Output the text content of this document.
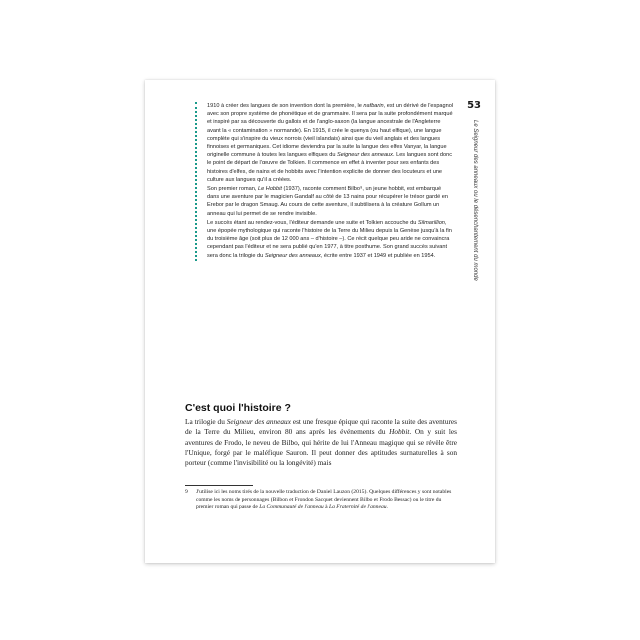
53
Le Seigneur des anneaux ou le désenchantement du monde

1910 à créer des langues de son invention dont la première, le nafbarin, est un dérivé de l'espagnol avec son propre système de phonétique et de grammaire. Il sera par la suite profondément marqué et inspiré par sa découverte du gallois et de l'anglo-saxon (la langue ancestrale de l'Angleterre avant la « contamination » normande). En 1915, il crée le quenya (ou haut elfique), une langue complète qui s'inspire du vieux norrois (vieil islandais) ainsi que du vieil anglais et des langues finnoises et germaniques. Cet idiome deviendra par la suite la langue des elfes Vanyar, la langue originelle commune à toutes les langues elfiques du Seigneur des anneaux. Les langues sont donc le point de départ de l'œuvre de Tolkien. Il commence en effet à inventer pour ses enfants des histoires d'elfes, de nains et de hobbits avec l'intention explicite de donner des locuteurs et une culture aux langues qu'il a créées.

Son premier roman, Le Hobbit (1937), raconte comment Bilbo⁹, un jeune hobbit, est embarqué dans une aventure par le magicien Gandalf au côté de 13 nains pour récupérer le trésor gardé en Erebor par le dragon Smaug. Au cours de cette aventure, il subtilisera à la créature Gollum un anneau qui lui permet de se rendre invisible.

Le succès étant au rendez-vous, l'éditeur demande une suite et Tolkien accouche du Silmarillion, une épopée mythologique qui raconte l'histoire de la Terre du Milieu depuis la Genèse jusqu'à la fin du troisième âge (soit plus de 12 000 ans – d'histoire –). Ce récit quelque peu aride ne convaincra cependant pas l'éditeur et ne sera publié qu'en 1977, à titre posthume. Son grand succès suivant sera donc la trilogie du Seigneur des anneaux, écrite entre 1937 et 1949 et publiée en 1954.

C'est quoi l'histoire ?

La trilogie du Seigneur des anneaux est une fresque épique qui raconte la suite des aventures de la Terre du Milieu, environ 80 ans après les événements du Hobbit. On y suit les aventures de Frodo, le neveu de Bilbo, qui hérite de lui l'Anneau magique qui se révèle être l'Unique, forgé par le maléfique Sauron. Il peut donner des aptitudes surnaturelles à son porteur (comme l'invisibilité ou la longévité) mais

9	J'utilise ici les noms tirés de la nouvelle traduction de Daniel Lauzon (2015). Quelques différences y sont notables comme les noms de personnages (Bilbon et Frondon Sacquet deviennent Bilbo et Frodo Bessac) ou le titre du premier roman qui passe de La Communauté de l'anneau à La Fraternité de l'anneau.
